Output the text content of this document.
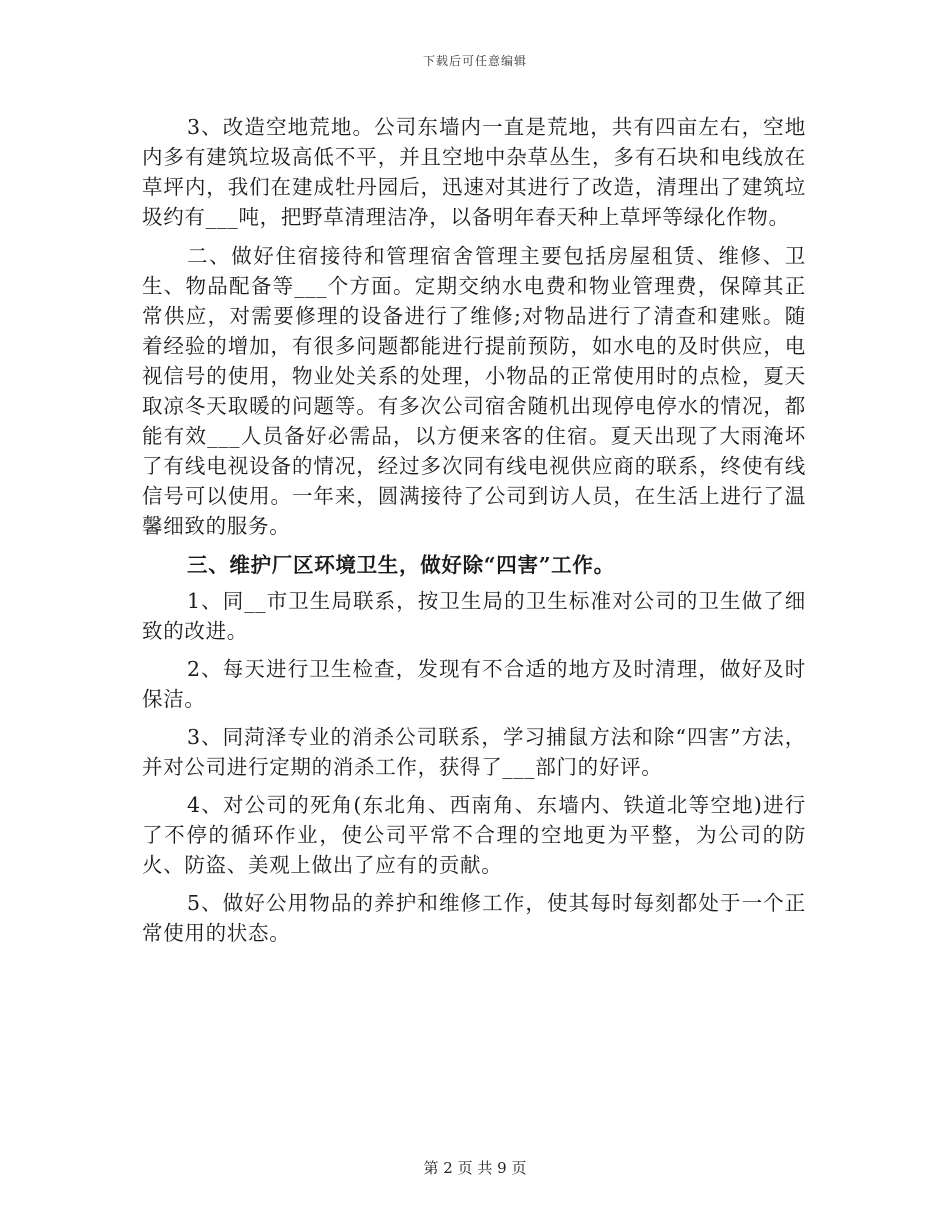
下载后可任意编辑

3、改造空地荒地。公司东墙内一直是荒地，共有四亩左右，空地内多有建筑垃圾高低不平，并且空地中杂草丛生，多有石块和电线放在草坪内，我们在建成牡丹园后，迅速对其进行了改造，清理出了建筑垃圾约有___吨，把野草清理洁净，以备明年春天种上草坪等绿化作物。

二、做好住宿接待和管理宿舍管理主要包括房屋租赁、维修、卫生、物品配备等___个方面。定期交纳水电费和物业管理费，保障其正常供应，对需要修理的设备进行了维修;对物品进行了清查和建账。随着经验的增加，有很多问题都能进行提前预防，如水电的及时供应，电视信号的使用，物业处关系的处理，小物品的正常使用时的点检，夏天取凉冬天取暖的问题等。有多次公司宿舍随机出现停电停水的情况，都能有效___人员备好必需品，以方便来客的住宿。夏天出现了大雨淹坏了有线电视设备的情况，经过多次同有线电视供应商的联系，终使有线信号可以使用。一年来，圆满接待了公司到访人员，在生活上进行了温馨细致的服务。

三、维护厂区环境卫生，做好除“四害”工作。

1、同__市卫生局联系，按卫生局的卫生标准对公司的卫生做了细致的改进。

2、每天进行卫生检查，发现有不合适的地方及时清理，做好及时保洁。

3、同菏泽专业的消杀公司联系，学习捕鼠方法和除“四害”方法，并对公司进行定期的消杀工作，获得了___部门的好评。

4、对公司的死角(东北角、西南角、东墙内、铁道北等空地)进行了不停的循环作业，使公司平常不合理的空地更为平整，为公司的防火、防盗、美观上做出了应有的贡献。

5、做好公用物品的养护和维修工作，使其每时每刻都处于一个正常使用的状态。

第 2 页 共 9 页
